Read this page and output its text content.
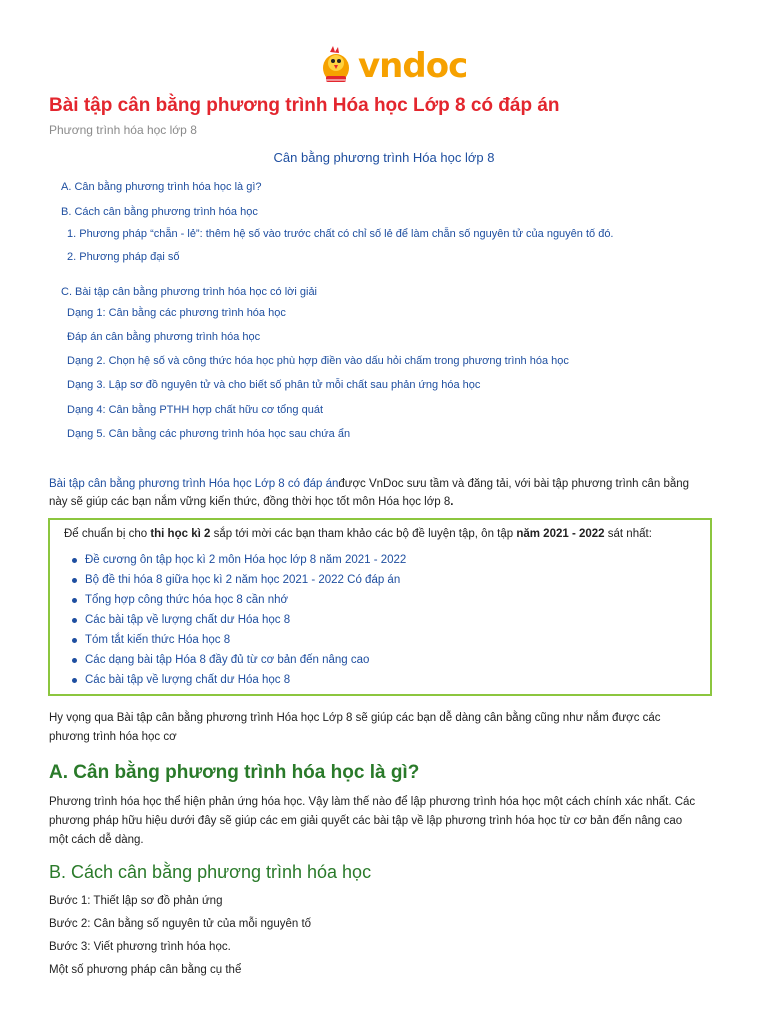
vndoc
Bài tập cân bằng phương trình Hóa học Lớp 8 có đáp án

Phương trình hóa học lớp 8

Cân bằng phương trình Hóa học lớp 8

A. Cân bằng phương trình hóa học là gì?
B. Cách cân bằng phương trình hóa học
1. Phương pháp “chẵn - lẻ”: thêm hệ số vào trước chất có chỉ số lẻ để làm chẵn số nguyên tử của nguyên tố đó.
2. Phương pháp đại số
C. Bài tập cân bằng phương trình hóa học có lời giải
Dạng 1: Cân bằng các phương trình hóa học
Đáp án cân bằng phương trình hóa học
Dạng 2. Chọn hệ số và công thức hóa học phù hợp điền vào dấu hỏi chấm trong phương trình hóa học
Dạng 3. Lập sơ đồ nguyên tử và cho biết số phân tử mỗi chất sau phản ứng hóa học
Dạng 4: Cân bằng PTHH hợp chất hữu cơ tổng quát
Dạng 5. Cân bằng các phương trình hóa học sau chứa ẩn
Bài tập cân bằng phương trình Hóa học Lớp 8 có đáp ánđược VnDoc sưu tầm và đăng tải, với bài tập phương trình cân bằng
này sẽ giúp các bạn nắm vững kiến thức, đồng thời học tốt môn Hóa học lớp 8.
Để chuẩn bị cho thi học kì 2 sắp tới mời các bạn tham khảo các bộ đề luyện tập, ôn tập năm 2021 - 2022 sát nhất:
Đề cương ôn tập học kì 2 môn Hóa học lớp 8 năm 2021 - 2022
Bộ đề thi hóa 8 giữa học kì 2 năm học 2021 - 2022 Có đáp án
Tổng hợp công thức hóa học 8 cần nhớ
Các bài tập về lượng chất dư Hóa học 8
Tóm tắt kiến thức Hóa học 8
Các dạng bài tập Hóa 8 đầy đủ từ cơ bản đến nâng cao
Các bài tập về lượng chất dư Hóa học 8
Hy vọng qua Bài tập cân bằng phương trình Hóa học Lớp 8 sẽ giúp các bạn dễ dàng cân bằng cũng như nắm được các
phương trình hóa học cơ
A. Cân bằng phương trình hóa học là gì?
Phương trình hóa học thể hiện phản ứng hóa học. Vậy làm thế nào để lập phương trình hóa học một cách chính xác nhất. Các
phương pháp hữu hiệu dưới đây sẽ giúp các em giải quyết các bài tập về lập phương trình hóa học từ cơ bản đến nâng cao
một cách dễ dàng.
B. Cách cân bằng phương trình hóa học

Bước 1: Thiết lập sơ đồ phản ứng

Bước 2: Cân bằng số nguyên tử của mỗi nguyên tố

Bước 3: Viết phương trình hóa học.

Một số phương pháp cân bằng cụ thể
